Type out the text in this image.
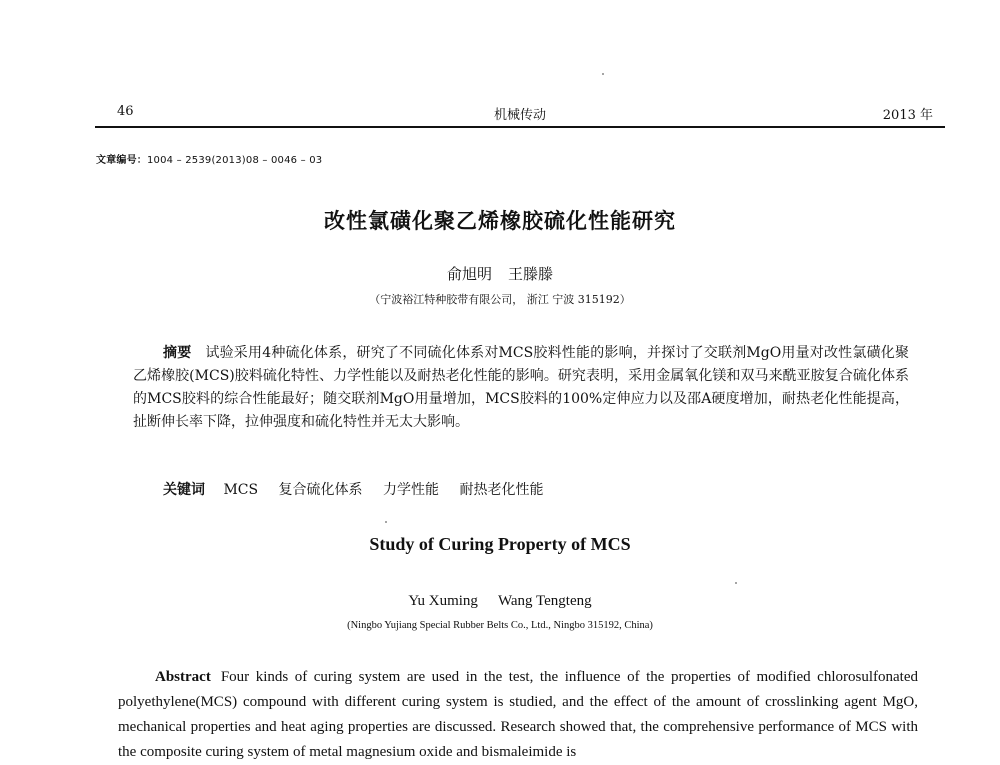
46	机械传动	2013 年
文章编号：1004 – 2539(2013)08 – 0046 – 03
改性氯磺化聚乙烯橡胶硫化性能研究
俞旭明 王滕滕
（宁波裕江特种胶带有限公司， 浙江 宁波 315192）
摘要 试验采用4种硫化体系，研究了不同硫化体系对MCS胶料性能的影响，并探讨了交联剂MgO用量对改性氯磺化聚乙烯橡胶(MCS)胶料硫化特性、力学性能以及耐热老化性能的影响。研究表明，采用金属氧化镁和双马来酰亚胺复合硫化体系的MCS胶料的综合性能最好；随交联剂MgO用量增加，MCS胶料的100%定伸应力以及邵A硬度增加，耐热老化性能提高，扯断伸长率下降，拉伸强度和硫化特性并无太大影响。
关键词 MCS 复合硫化体系 力学性能 耐热老化性能
Study of Curing Property of MCS
Yu Xuming Wang Tengteng
(Ningbo Yujiang Special Rubber Belts Co., Ltd., Ningbo 315192, China)
Abstract Four kinds of curing system are used in the test, the influence of the properties of modified chlorosulfonated polyethylene(MCS) compound with different curing system is studied, and the effect of the amount of crosslinking agent MgO, mechanical properties and heat aging properties are discussed. Research showed that, the comprehensive performance of MCS with the composite curing system of metal magnesium oxide and bismaleimide is
